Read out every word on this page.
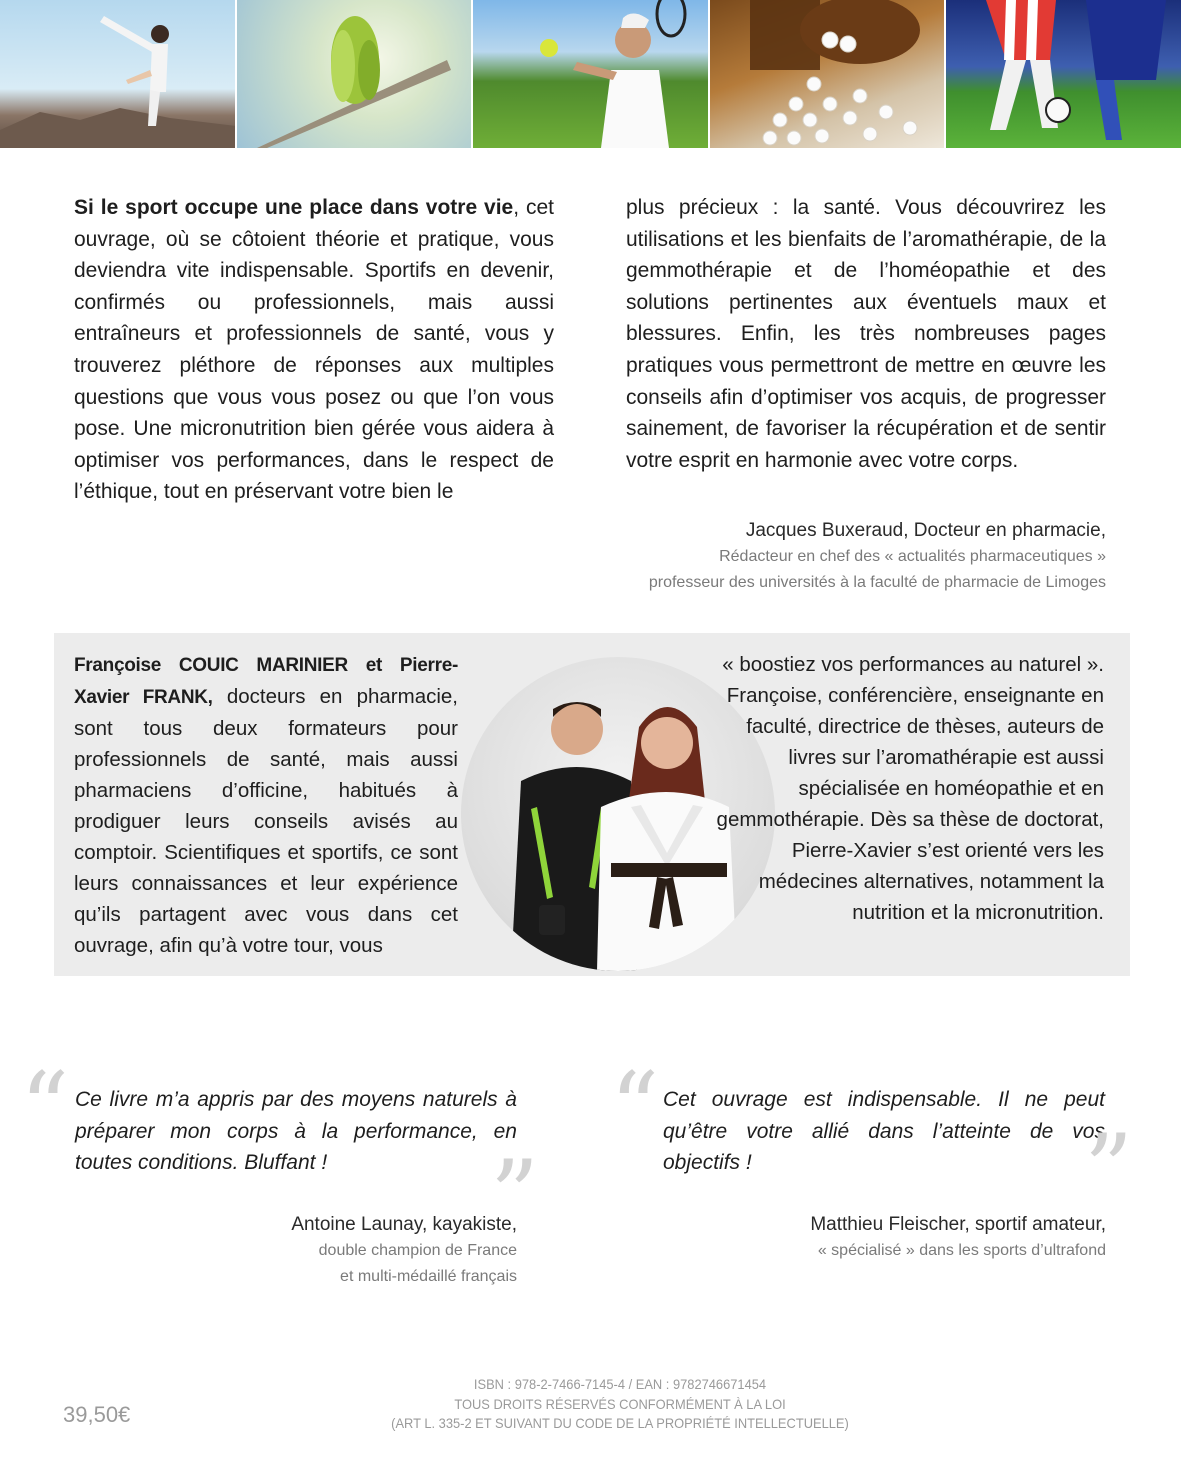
Si le sport occupe une place dans votre vie, cet ouvrage, où se côtoient théorie et pratique, vous deviendra vite indispensable. Sportifs en devenir, confirmés ou professionnels, mais aussi entraîneurs et professionnels de santé, vous y trouverez pléthore de réponses aux multiples questions que vous vous posez ou que l’on vous pose. Une micronutrition bien gérée vous aidera à optimiser vos performances, dans le respect de l’éthique, tout en préservant votre bien le

plus précieux : la santé. Vous découvrirez les utilisations et les bienfaits de l’aromathérapie, de la gemmothérapie et de l’homéopathie et des solutions pertinentes aux éventuels maux et blessures. Enfin, les très nombreuses pages pratiques vous permettront de mettre en œuvre les conseils afin d’optimiser vos acquis, de progresser sainement, de favoriser la récupération et de sentir votre esprit en harmonie avec votre corps.

Jacques Buxeraud, Docteur en pharmacie,

Rédacteur en chef des « actualités pharmaceutiques »

professeur des universités à la faculté de pharmacie de Limoges

Françoise COUIC MARINIER et Pierre-Xavier FRANK, docteurs en pharmacie, sont tous deux formateurs pour professionnels de santé, mais aussi pharmaciens d’officine, habitués à prodiguer leurs conseils avisés au comptoir. Scientifiques et sportifs, ce sont leurs connaissances et leur expérience qu’ils partagent avec vous dans cet ouvrage, afin qu’à votre tour, vous

« boostiez vos performances au naturel ». Françoise, conférencière, enseignante en faculté, directrice de thèses, auteurs de livres sur l’aromathérapie est aussi spécialisée en homéopathie et en gemmothérapie. Dès sa thèse de doctorat, Pierre-Xavier s’est orienté vers les médecines alternatives, notamment la nutrition et la micronutrition.

“ Ce livre m’a appris par des moyens naturels à préparer mon corps à la performance, en toutes conditions. Bluffant !	”

Antoine Launay, kayakiste,

double champion de France

et multi-médaillé français

“ Cet ouvrage est indispensable. Il ne peut qu’être votre allié dans l’atteinte de vos objectifs !	”

Matthieu Fleischer, sportif amateur,

« spécialisé » dans les sports d’ultrafond

39,50€

ISBN : 978-2-7466-7145-4 / EAN : 9782746671454

TOUS DROITS RÉSERVÉS CONFORMÉMENT À LA LOI

(ART L. 335-2 ET SUIVANT DU CODE DE LA PROPRIÉTÉ INTELLECTUELLE)
